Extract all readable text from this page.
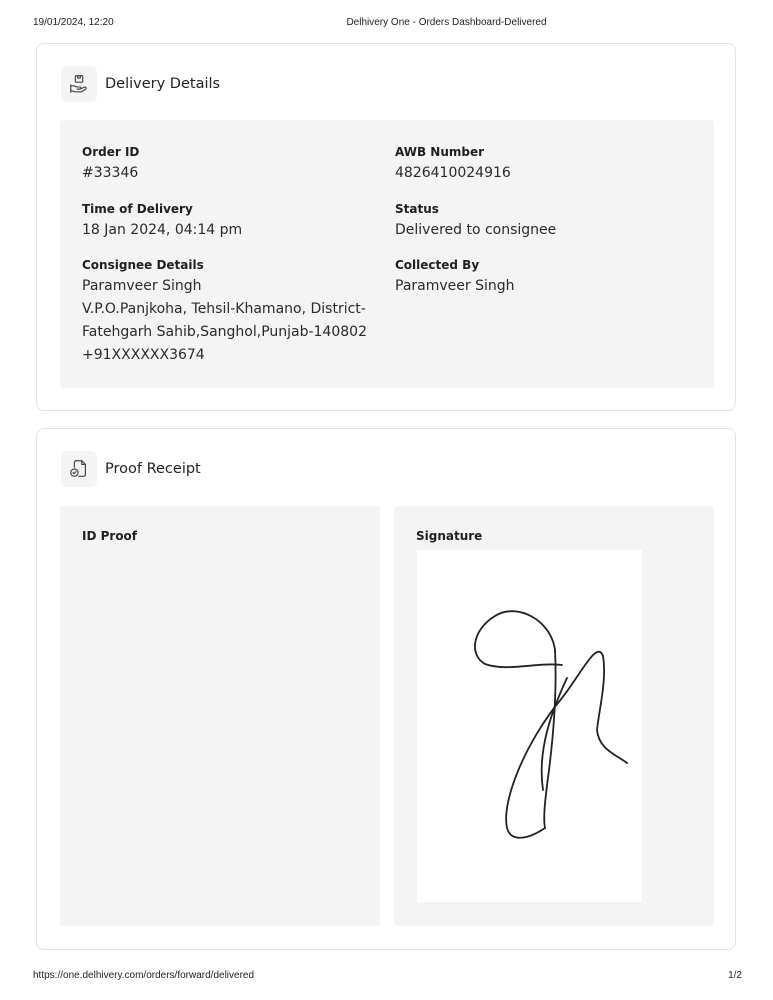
19/01/2024, 12:20	Delhivery One - Orders Dashboard-Delivered
Delivery Details
Order ID
#33346
AWB Number
4826410024916
Time of Delivery
18 Jan 2024, 04:14 pm
Status
Delivered to consignee
Consignee Details
Paramveer Singh
V.P.O.Panjkoha, Tehsil-Khamano, District-
Fatehgarh Sahib,Sanghol,Punjab-140802
+91XXXXXX3674
Collected By
Paramveer Singh
Proof Receipt
ID Proof	Signature
https://one.delhivery.com/orders/forward/delivered	1/2
